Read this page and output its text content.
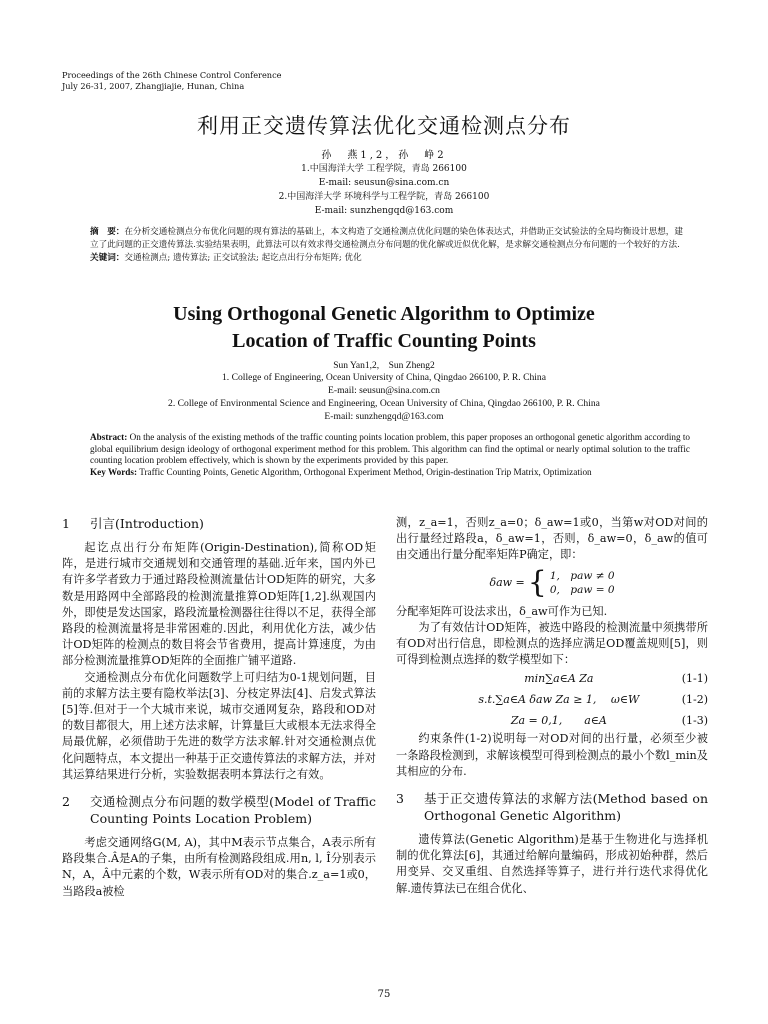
Proceedings of the 26th Chinese Control Conference
July 26-31, 2007, Zhangjiajie, Hunan, China
利用正交遗传算法优化交通检测点分布
孙　燕1,2，孙　峥2
1.中国海洋大学 工程学院，青岛 266100
E-mail: seusun@sina.com.cn
2.中国海洋大学 环境科学与工程学院，青岛 266100
E-mail: sunzhengqd@163.com
摘　要：在分析交通检测点分布优化问题的现有算法的基础上，本文构造了交通检测点优化问题的染色体表达式，并借助正交试验法的全局均衡设计思想，建立了此问题的正交遗传算法.实验结果表明，此算法可以有效求得交通检测点分布问题的优化解或近似优化解，是求解交通检测点分布问题的一个较好的方法.
关键词：交通检测点; 遗传算法; 正交试验法; 起讫点出行分布矩阵; 优化
Using Orthogonal Genetic Algorithm to Optimize
Location of Traffic Counting Points
Sun Yan1,2,　Sun Zheng2
1. College of Engineering, Ocean University of China, Qingdao 266100, P. R. China
E-mail: seusun@sina.com.cn
2. College of Environmental Science and Engineering, Ocean University of China, Qingdao 266100, P. R. China
E-mail: sunzhengqd@163.com
Abstract: On the analysis of the existing methods of the traffic counting points location problem, this paper proposes an orthogonal genetic algorithm according to global equilibrium design ideology of orthogonal experiment method for this problem. This algorithm can find the optimal or nearly optimal solution to the traffic counting location problem effectively, which is shown by the experiments provided by this paper.
Key Words: Traffic Counting Points, Genetic Algorithm, Orthogonal Experiment Method, Origin-destination Trip Matrix, Optimization
1	引言(Introduction)

起讫点出行分布矩阵(Origin-Destination),简称OD矩阵，是进行城市交通规划和交通管理的基础.近年来，国内外已有许多学者致力于通过路段检测流量估计OD矩阵的研究，大多数是用路网中全部路段的检测流量推算OD矩阵[1,2].纵观国内外，即使是发达国家，路段流量检测器往往得以不足，获得全部路段的检测流量将是非常困难的.因此，利用优化方法，减少估计OD矩阵的检测点的数目将会节省费用，提高计算速度，为由部分检测流量推算OD矩阵的全面推广铺平道路.

交通检测点分布优化问题数学上可归结为0-1规划问题，目前的求解方法主要有隐枚举法[3]、分枝定界法[4]、启发式算法[5]等.但对于一个大城市来说，城市交通网复杂，路段和OD对的数目都很大，用上述方法求解，计算量巨大或根本无法求得全局最优解，必须借助于先进的数学方法求解.针对交通检测点优化问题特点，本文提出一种基于正交遗传算法的求解方法，并对其运算结果进行分析，实验数据表明本算法行之有效。

2	交通检测点分布问题的数学模型(Model of Traffic Counting Points Location Problem)

考虑交通网络G(M, A)，其中M表示节点集合，A表示所有路段集合.Â是A的子集，由所有检测路段组成.用n, l, Î分别表示N，A，Â中元素的个数，W表示所有OD对的集合.z_a=1或0，当路段a被检

测，z_a=1，否则z_a=0；δ_aw=1或0，当第w对OD对间的出行量经过路段a，δ_aw=1，否则，δ_aw=0，δ_aw的值可由交通出行量分配率矩阵P确定，即：

δaw = { 1,　paw ≠ 0
0,　paw = 0

分配率矩阵可设法求出，δ_aw可作为已知.

为了有效估计OD矩阵，被选中路段的检测流量中须携带所有OD对出行信息，即检测点的选择应满足OD覆盖规则[5]，则可得到检测点选择的数学模型如下：

min∑a∈A Za	(1-1)
s.t.∑a∈A δaw Za ≥ 1,　 ω∈W	(1-2)
Za = 0,1,　　a∈A	(1-3)

约束条件(1-2)说明每一对OD对间的出行量，必须至少被一条路段检测到，求解该模型可得到检测点的最小个数l_min及其相应的分布.

3	基于正交遗传算法的求解方法(Method based on Orthogonal Genetic Algorithm)

遗传算法(Genetic Algorithm)是基于生物进化与选择机制的优化算法[6]，其通过给解向量编码，形成初始种群，然后用变异、交叉重组、自然选择等算子，进行并行迭代求得优化解.遗传算法已在组合优化、

75
